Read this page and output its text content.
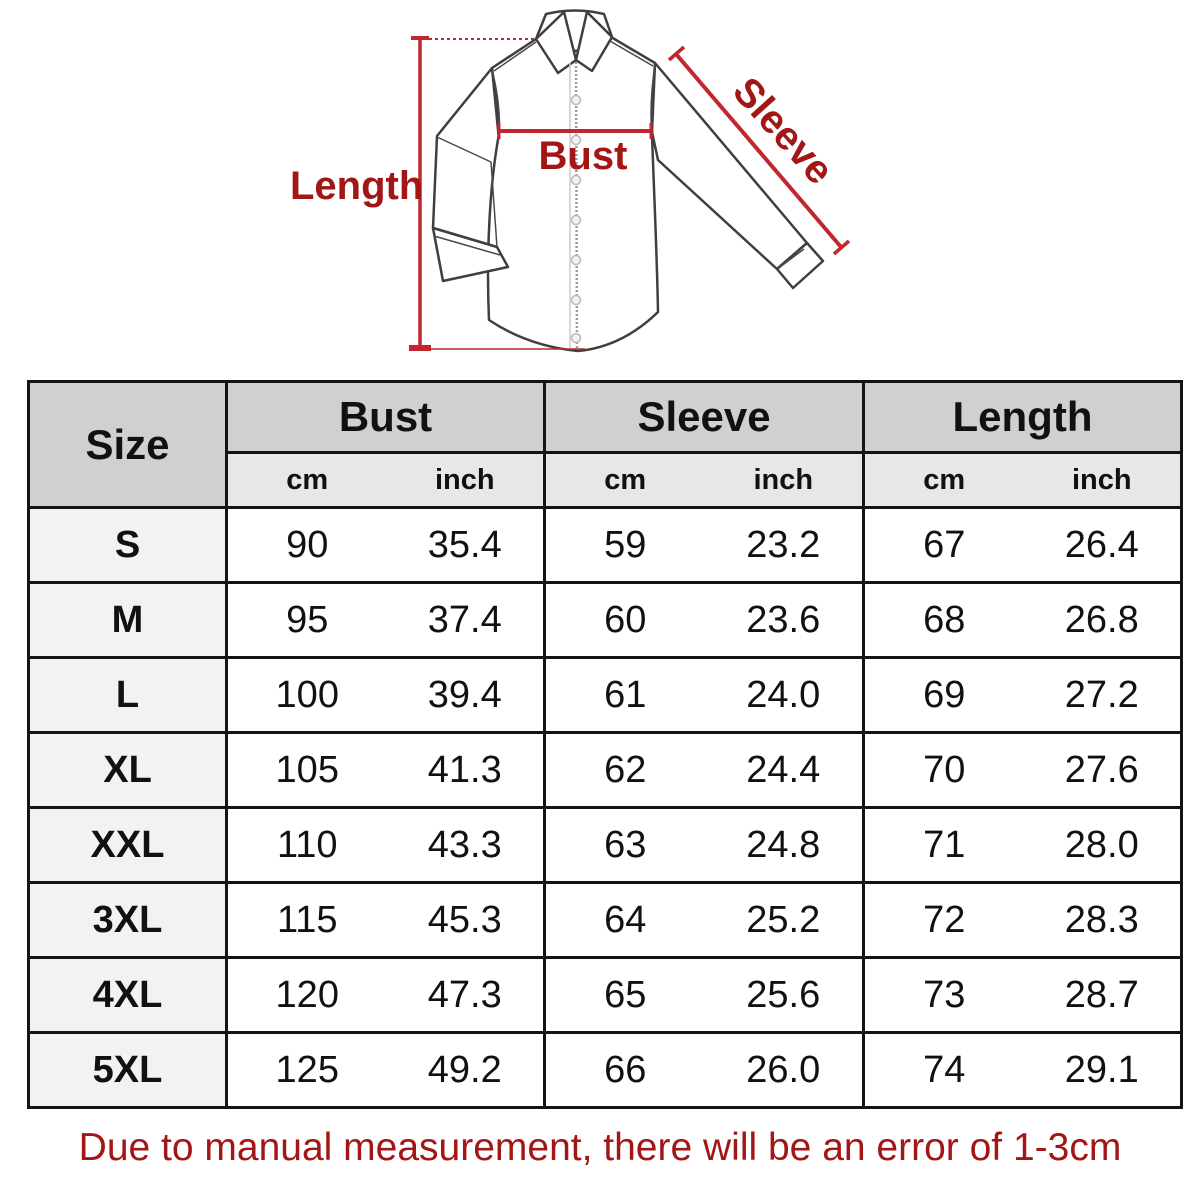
Length
Bust Sleeve
Size	Bust		Sleeve		Length	
	cm	inch	cm	inch	cm	inch
S	90	35.4	59	23.2	67	26.4
M	95	37.4	60	23.6	68	26.8
L	100	39.4	61	24.0	69	27.2
XL	105	41.3	62	24.4	70	27.6
XXL	110	43.3	63	24.8	71	28.0
3XL	115	45.3	64	25.2	72	28.3
4XL	120	47.3	65	25.6	73	28.7
5XL	125	49.2	66	26.0	74	29.1
Due to manual measurement, there will be an error of 1-3cm
